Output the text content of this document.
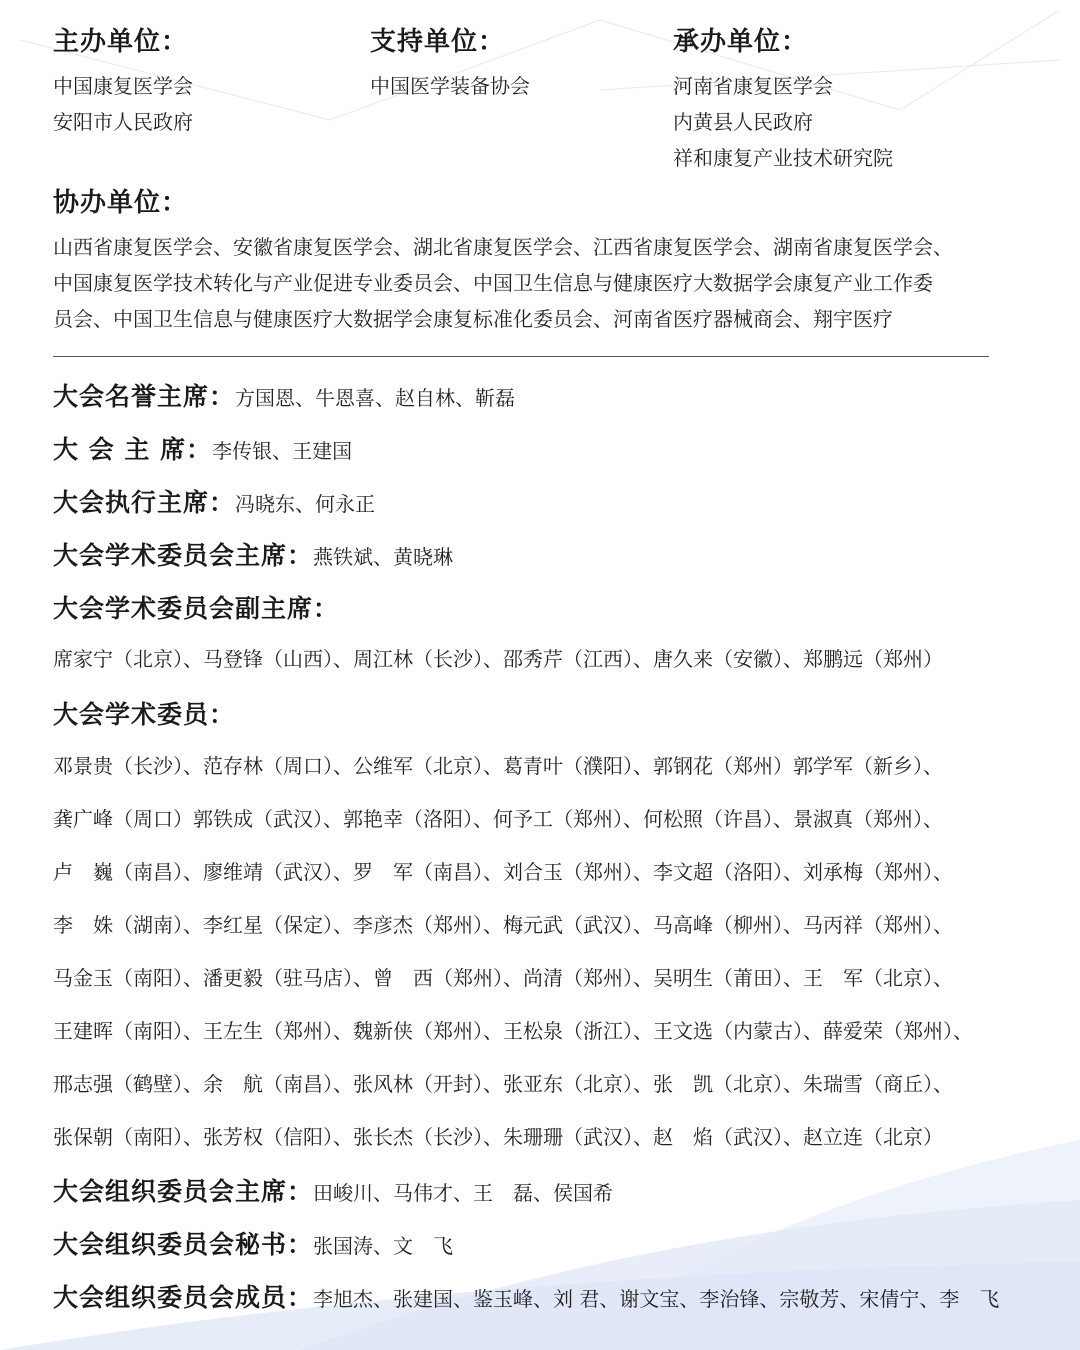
主办单位：
中国康复医学会
安阳市人民政府
支持单位：
中国医学装备协会
承办单位：
河南省康复医学会
内黄县人民政府
祥和康复产业技术研究院
协办单位：
山西省康复医学会、安徽省康复医学会、湖北省康复医学会、江西省康复医学会、湖南省康复医学会、
中国康复医学技术转化与产业促进专业委员会、中国卫生信息与健康医疗大数据学会康复产业工作委
员会、中国卫生信息与健康医疗大数据学会康复标准化委员会、河南省医疗器械商会、翔宇医疗
大会名誉主席：方国恩、牛恩喜、赵自林、靳磊
大 会 主 席：李传银、王建国
大会执行主席：冯晓东、何永正
大会学术委员会主席：燕铁斌、黄晓琳
大会学术委员会副主席：
席家宁（北京）、马登锋（山西）、周江林（长沙）、邵秀芹（江西）、唐久来（安徽）、郑鹏远（郑州）
大会学术委员：
邓景贵（长沙）、范存林（周口）、公维军（北京）、葛青叶（濮阳）、郭钢花（郑州）郭学军（新乡）、
龚广峰（周口）郭铁成（武汉）、郭艳幸（洛阳）、何予工（郑州）、何松照（许昌）、景淑真（郑州）、
卢　巍（南昌）、廖维靖（武汉）、罗　军（南昌）、刘合玉（郑州）、李文超（洛阳）、刘承梅（郑州）、
李　姝（湖南）、李红星（保定）、李彦杰（郑州）、梅元武（武汉）、马高峰（柳州）、马丙祥（郑州）、
马金玉（南阳）、潘更毅（驻马店）、曾　西（郑州）、尚清（郑州）、吴明生（莆田）、王　军（北京）、
王建晖（南阳）、王左生（郑州）、魏新侠（郑州）、王松泉（浙江）、王文选（内蒙古）、薛爱荣（郑州）、
邢志强（鹤壁）、余　航（南昌）、张风林（开封）、张亚东（北京）、张　凯（北京）、朱瑞雪（商丘）、
张保朝（南阳）、张芳权（信阳）、张长杰（长沙）、朱珊珊（武汉）、赵　焰（武汉）、赵立连（北京）
大会组织委员会主席：田峻川、马伟才、王　磊、侯国希
大会组织委员会秘书：张国涛、文　飞
大会组织委员会成员：李旭杰、张建国、鉴玉峰、刘 君、谢文宝、李治锋、宗敬芳、宋倩宁、李　飞
